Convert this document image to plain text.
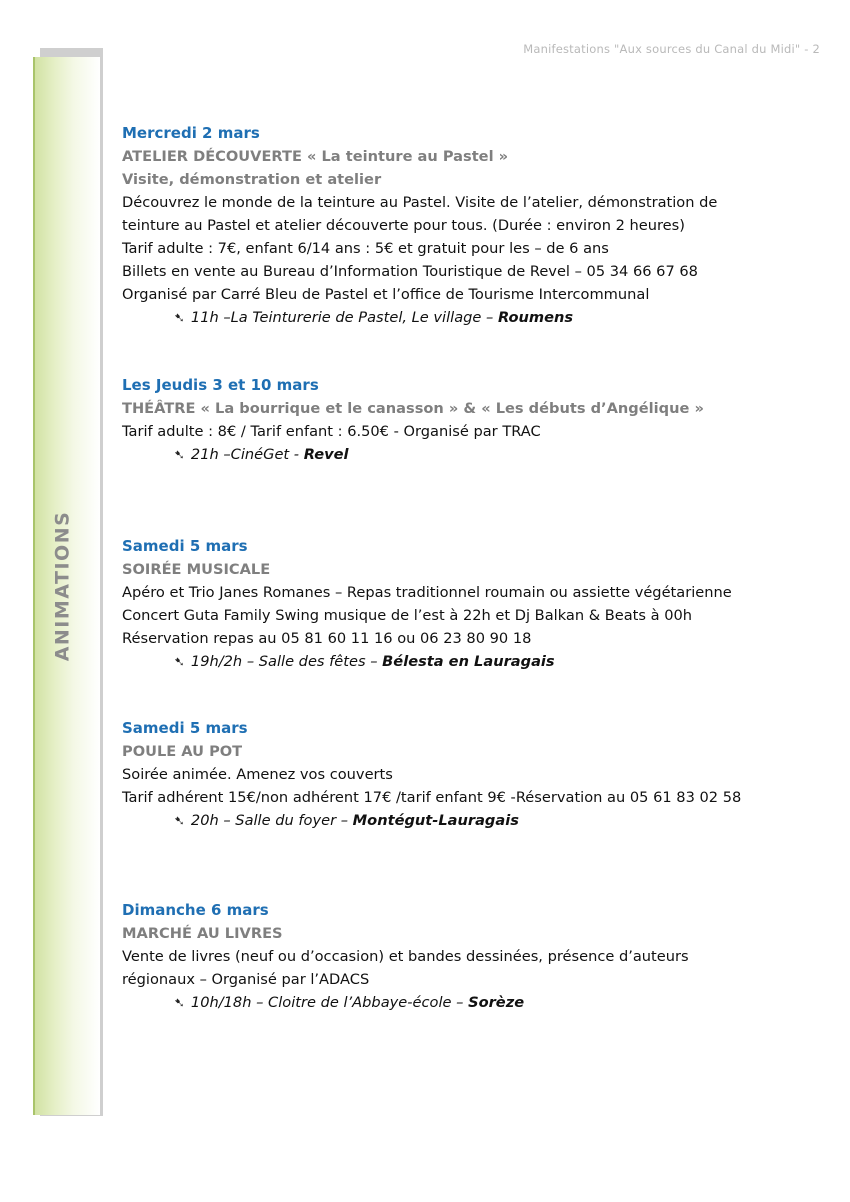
Manifestations "Aux sources du Canal du Midi" - 2
ANIMATIONS
Mercredi 2 mars
ATELIER DÉCOUVERTE « La teinture au Pastel »
Visite, démonstration et atelier
Découvrez le monde de la teinture au Pastel. Visite de l’atelier, démonstration de
teinture au Pastel et atelier découverte pour tous. (Durée : environ 2 heures)
Tarif adulte : 7€, enfant 6/14 ans : 5€ et gratuit pour les – de 6 ans
Billets en vente au Bureau d’Information Touristique de Revel – 05 34 66 67 68
Organisé par Carré Bleu de Pastel et l’office de Tourisme Intercommunal
➷ 11h –La Teinturerie de Pastel, Le village – Roumens
Les Jeudis 3 et 10 mars
THÉÂTRE « La bourrique et le canasson » & « Les débuts d’Angélique »
Tarif adulte : 8€ / Tarif enfant : 6.50€ - Organisé par TRAC
➷ 21h –CinéGet - Revel
Samedi 5 mars
SOIRÉE MUSICALE
Apéro et Trio Janes Romanes – Repas traditionnel roumain ou assiette végétarienne
Concert Guta Family Swing musique de l’est à 22h et Dj Balkan & Beats à 00h
Réservation repas au 05 81 60 11 16 ou 06 23 80 90 18
➷ 19h/2h – Salle des fêtes – Bélesta en Lauragais
Samedi 5 mars
POULE AU POT
Soirée animée. Amenez vos couverts
Tarif adhérent 15€/non adhérent 17€ /tarif enfant 9€ -Réservation au 05 61 83 02 58
➷ 20h – Salle du foyer – Montégut-Lauragais
Dimanche 6 mars
MARCHÉ AU LIVRES
Vente de livres (neuf ou d’occasion) et bandes dessinées, présence d’auteurs
régionaux – Organisé par l’ADACS
➷ 10h/18h – Cloitre de l’Abbaye-école – Sorèze
